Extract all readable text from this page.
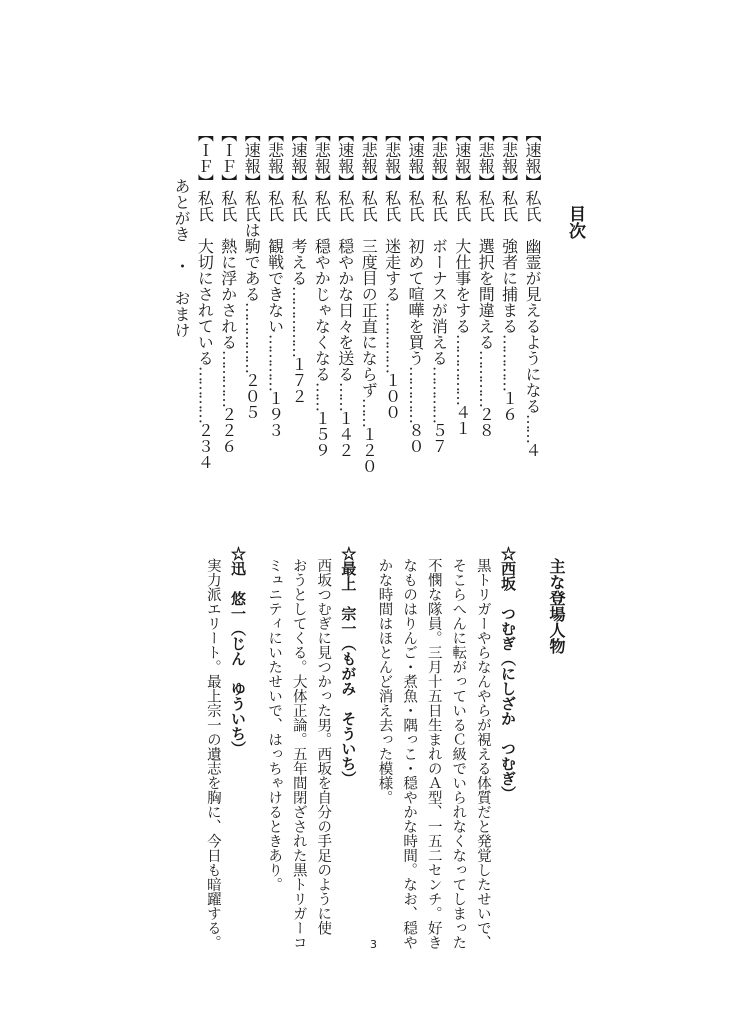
目次
【速報】私氏　幽霊が見えるようになる……４
【悲報】私氏　強者に捕まる…………１６
【悲報】私氏　選択を間違える…………２８
【速報】私氏　大仕事をする……………４１
【悲報】私氏　ボーナスが消える…………５７
【速報】私氏　初めて喧嘩を買う…………８０
【悲報】私氏　迷走する……………１００
【悲報】私氏　三度目の正直にならず……１２０
【速報】私氏　穏やかな日々を送る……１４２
【悲報】私氏　穏やかじゃなくなる……１５９
【速報】私氏　考える……………１７２
【悲報】私氏　観戦できない…………１９３
【速報】私氏は駒である……………２０５
【ＩＦ】私氏　熱に浮かされる…………２２６
【ＩＦ】私氏　大切にされている…………２３４
あとがき　・　おまけ
主な登場人物
☆西坂　つむぎ（にしざか　つむぎ）
黒トリガーやらなんやらが視える体質だと発覚したせいで、
そこらへんに転がっているＣ級でいられなくなってしまった
不憫な隊員。三月十五日生まれのＡ型、一五二センチ。好き
なものはりんご・煮魚・隅っこ・穏やかな時間。なお、穏や
かな時間はほとんど消え去った模様。
☆最上　宗一（もがみ　そういち）
西坂つむぎに見つかった男。西坂を自分の手足のように使
おうとしてくる。大体正論。五年間閉ざされた黒トリガーコ
ミュニティにいたせいで、はっちゃけるときあり。
☆迅　悠一（じん　ゆういち）
実力派エリート。最上宗一の遺志を胸に、今日も暗躍する。	3
